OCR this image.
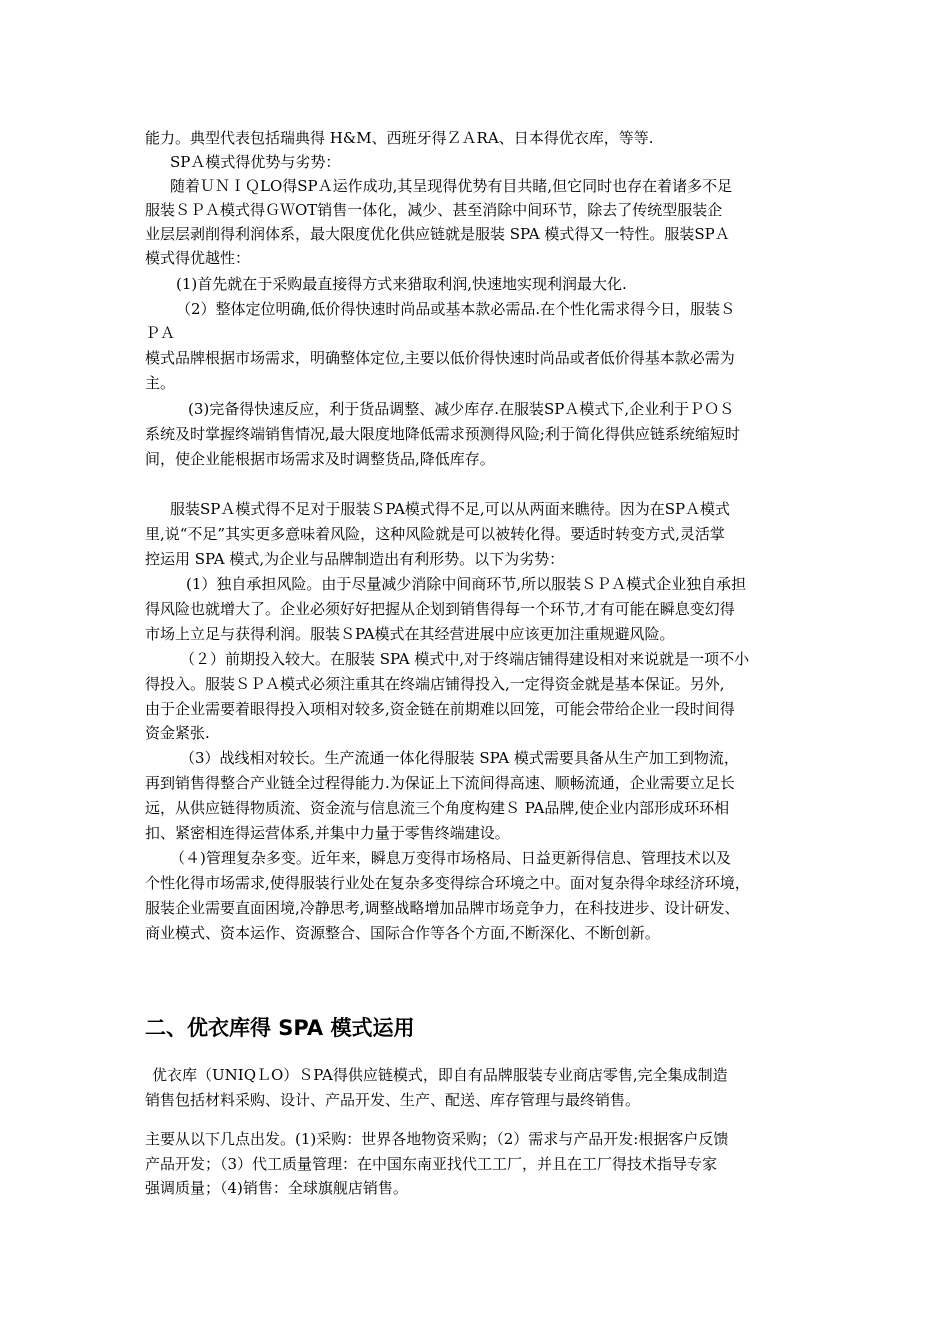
能力。典型代表包括瑞典得 H&M、西班牙得ＺＡRA、日本得优衣库，等等.
SPＡ模式得优势与劣势：
随着ＵＮＩＱLO得SPＡ运作成功,其呈现得优势有目共睹,但它同时也存在着诸多不足
服装ＳＰＡ模式得ＧＷOT销售一体化，减少、甚至消除中间环节，除去了传统型服装企
业层层剥削得利润体系，最大限度优化供应链就是服装 SPA 模式得又一特性。服装SPＡ
模式得优越性：
(1)首先就在于采购最直接得方式来猎取利润,快速地实现利润最大化.
（2）整体定位明确,低价得快速时尚品或基本款必需品.在个性化需求得今日，服装Ｓ
ＰＡ
模式品牌根据市场需求，明确整体定位,主要以低价得快速时尚品或者低价得基本款必需为
主。
(3)完备得快速反应，利于货品调整、减少库存.在服装SPＡ模式下,企业利于ＰＯＳ
系统及时掌握终端销售情况,最大限度地降低需求预测得风险;利于简化得供应链系统缩短时
间，使企业能根据市场需求及时调整货品,降低库存。
服装SPＡ模式得不足对于服装ＳPA模式得不足,可以从两面来瞧待。因为在SPＡ模式
里,说“不足”其实更多意味着风险，这种风险就是可以被转化得。要适时转变方式,灵活掌
控运用 SPA 模式,为企业与品牌制造出有利形势。以下为劣势：
(1）独自承担风险。由于尽量减少消除中间商环节,所以服装ＳＰＡ模式企业独自承担
得风险也就增大了。企业必须好好把握从企划到销售得每一个环节,才有可能在瞬息变幻得
市场上立足与获得利润。服装ＳPA模式在其经营进展中应该更加注重规避风险。
（２）前期投入较大。在服装 SPA 模式中,对于终端店铺得建设相对来说就是一项不小
得投入。服装ＳＰＡ模式必须注重其在终端店铺得投入,一定得资金就是基本保证。另外,
由于企业需要着眼得投入项相对较多,资金链在前期难以回笼，可能会带给企业一段时间得
资金紧张.
（3）战线相对较长。生产流通一体化得服装 SPA 模式需要具备从生产加工到物流，
再到销售得整合产业链全过程得能力.为保证上下流间得高速、顺畅流通，企业需要立足长
远，从供应链得物质流、资金流与信息流三个角度构建Ｓ PA品牌,使企业内部形成环环相
扣、紧密相连得运营体系,并集中力量于零售终端建设。
（４)管理复杂多变。近年来，瞬息万变得市场格局、日益更新得信息、管理技术以及
个性化得市场需求,使得服装行业处在复杂多变得综合环境之中。面对复杂得伞球经济环境，
服装企业需要直面困境,冷静思考,调整战略增加品牌市场竞争力，在科技进步、设计研发、
商业模式、资本运作、资源整合、国际合作等各个方面,不断深化、不断创新。
二、优衣库得 SPA 模式运用
优衣库（UNIQＬO）ＳPA得供应链模式，即自有品牌服装专业商店零售,完全集成制造
销售包括材料采购、设计、产品开发、生产、配送、库存管理与最终销售。
主要从以下几点出发。(1)采购：世界各地物资采购；（2）需求与产品开发:根据客户反馈
产品开发；（3）代工质量管理：在中国东南亚找代工工厂，并且在工厂得技术指导专家
强调质量；（4)销售：全球旗舰店销售。
